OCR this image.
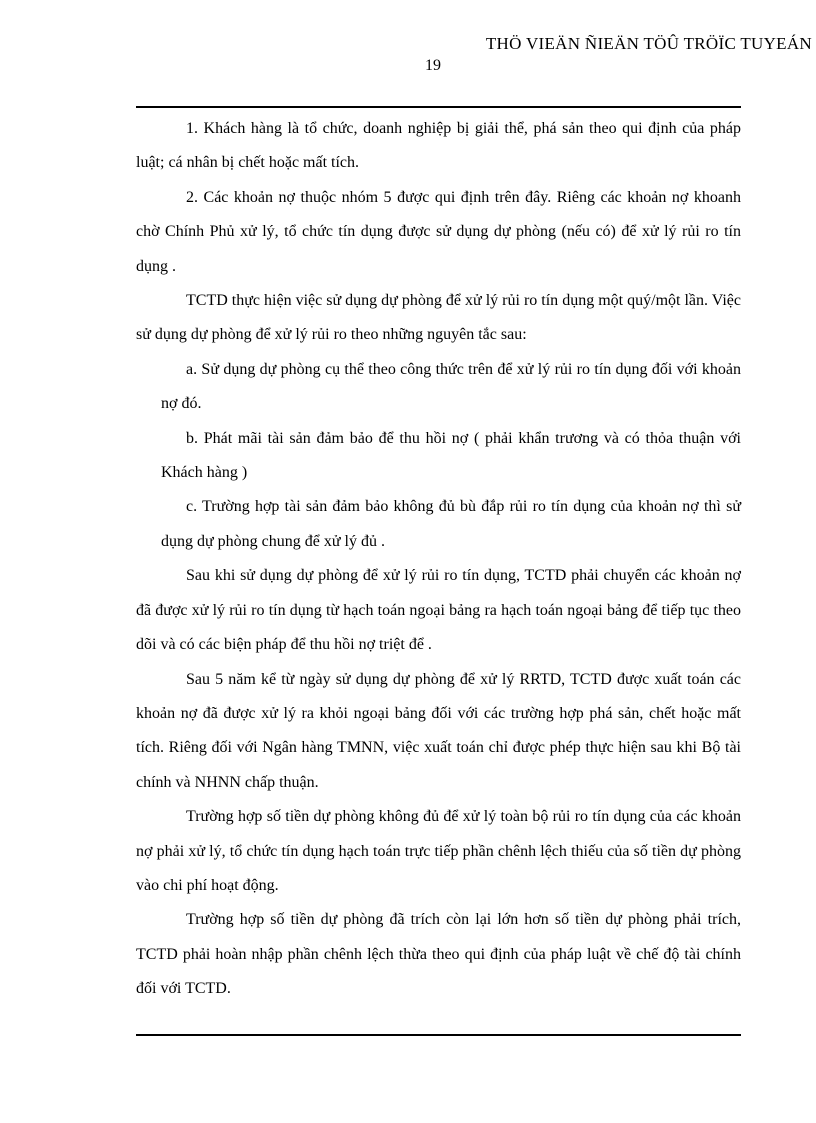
THÖ VIEÄN ÑIEÄN TÖÛ TRÖÏC TUYEÁN
19

1. Khách hàng là tổ chức, doanh nghiệp bị giải thể, phá sản theo qui định của pháp luật; cá nhân bị chết hoặc mất tích.

2. Các khoản nợ thuộc nhóm 5 được qui định trên đây. Riêng các khoản nợ khoanh chờ Chính Phủ xử lý, tổ chức tín dụng được sử dụng dự phòng (nếu có) để xử lý rủi ro tín dụng .

TCTD thực hiện việc sử dụng dự phòng để xử lý rủi ro tín dụng một quý/một lần. Việc sử dụng dự phòng để xử lý rủi ro theo những nguyên tắc sau:

a. Sử dụng dự phòng cụ thể theo công thức trên để xử lý rủi ro tín dụng đối với khoản nợ đó.

b. Phát mãi tài sản đảm bảo để thu hồi nợ ( phải khẩn trương và có thỏa thuận với Khách hàng )

c. Trường hợp tài sản đảm bảo không đủ bù đắp rủi ro tín dụng của khoản nợ thì sử dụng dự phòng chung để xử lý đủ .

Sau khi sử dụng dự phòng để xử lý rủi ro tín dụng, TCTD phải chuyển các khoản nợ đã được xử lý rủi ro tín dụng từ hạch toán ngoại bảng ra hạch toán ngoại bảng để tiếp tục theo dõi và có các biện pháp để thu hồi nợ triệt để .

Sau 5 năm kể từ ngày sử dụng dự phòng để xử lý RRTD, TCTD được xuất toán các khoản nợ đã được xử lý ra khỏi ngoại bảng đối với các trường hợp phá sản, chết hoặc mất tích. Riêng đối với Ngân hàng TMNN, việc xuất toán chỉ được phép thực hiện sau khi Bộ tài chính và NHNN chấp thuận.

Trường hợp số tiền dự phòng không đủ để xử lý toàn bộ rủi ro tín dụng của các khoản nợ phải xử lý, tổ chức tín dụng hạch toán trực tiếp phần chênh lệch thiếu của số tiền dự phòng vào chi phí hoạt động.

Trường hợp số tiền dự phòng đã trích còn lại lớn hơn số tiền dự phòng phải trích, TCTD phải hoàn nhập phần chênh lệch thừa theo qui định của pháp luật về chế độ tài chính đối với TCTD.
